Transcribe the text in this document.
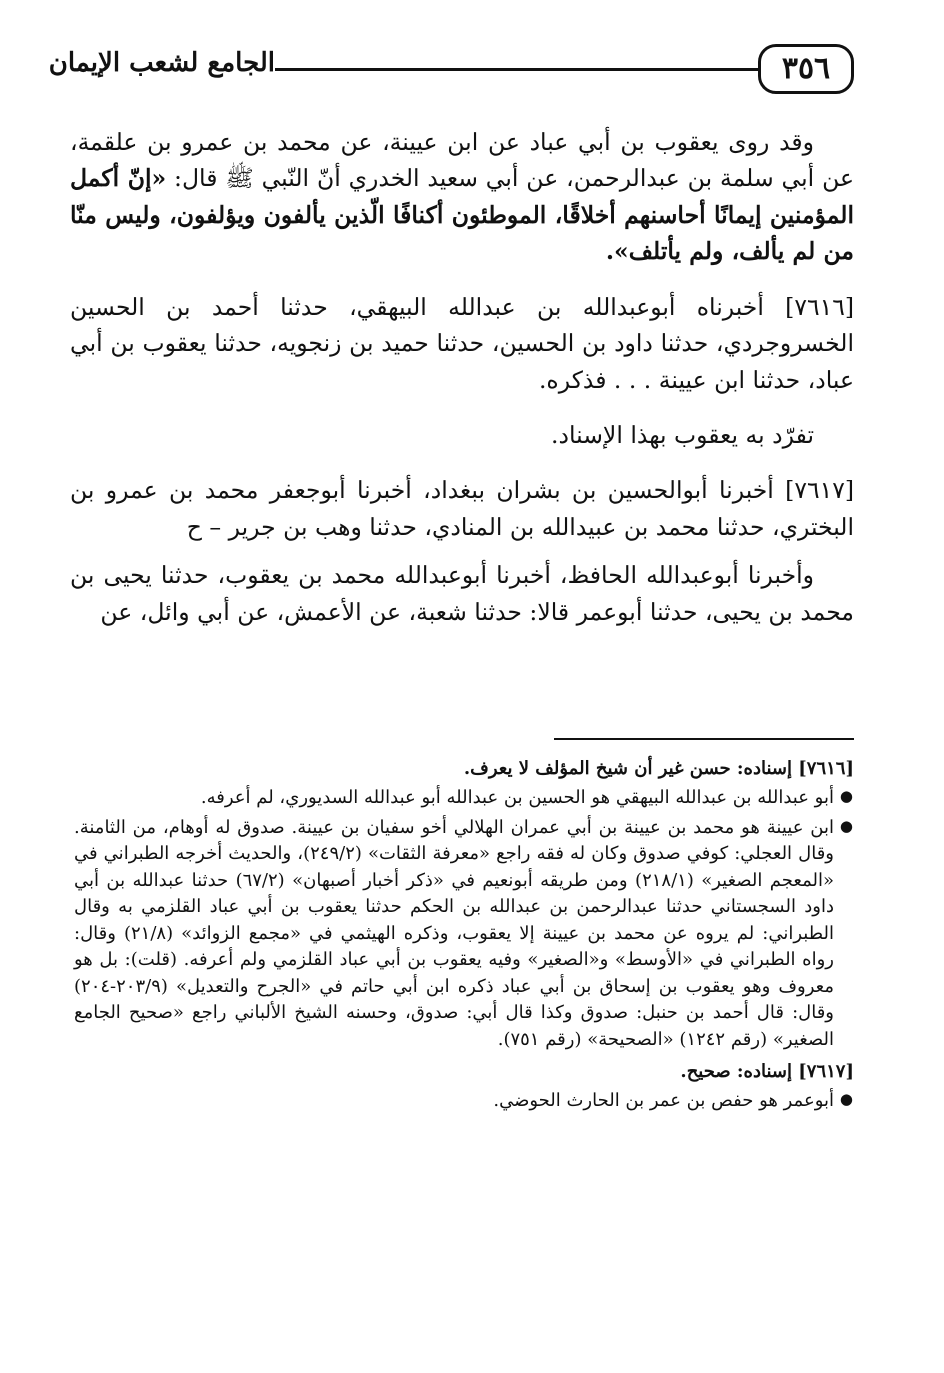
٣٥٦
الجامع لشعب الإيمان

وقد روى يعقوب بن أبي عباد عن ابن عيينة، عن محمد بن عمرو بن علقمة، عن أبي سلمة بن عبدالرحمن، عن أبي سعيد الخدري أنّ النّبي ﷺ قال: «إنّ أكمل المؤمنين إيمانًا أحاسنهم أخلاقًا، الموطئون أكنافًا الّذين يألفون ويؤلفون، وليس منّا من لم يألف، ولم يأتلف».

[٧٦١٦] أخبرناه أبوعبدالله بن عبدالله البيهقي، حدثنا أحمد بن الحسين الخسروجردي، حدثنا داود بن الحسين، حدثنا حميد بن زنجويه، حدثنا يعقوب بن أبي عباد، حدثنا ابن عيينة . . . فذكره.

تفرّد به يعقوب بهذا الإسناد.

[٧٦١٧] أخبرنا أبوالحسين بن بشران ببغداد، أخبرنا أبوجعفر محمد بن عمرو بن البختري، حدثنا محمد بن عبيدالله بن المنادي، حدثنا وهب بن جرير – ح

وأخبرنا أبوعبدالله الحافظ، أخبرنا أبوعبدالله محمد بن يعقوب، حدثنا يحيى بن محمد بن يحيى، حدثنا أبوعمر قالا: حدثنا شعبة، عن الأعمش، عن أبي وائل، عن

[٧٦١٦] إسناده: حسن غير أن شيخ المؤلف لا يعرف.

●
أبو عبدالله بن عبدالله البيهقي هو الحسين بن عبدالله أبو عبدالله السديوري، لم أعرفه.

●
ابن عيينة هو محمد بن عيينة بن أبي عمران الهلالي أخو سفيان بن عيينة. صدوق له أوهام، من الثامنة. وقال العجلي: كوفي صدوق وكان له فقه راجع «معرفة الثقات» (٢٤٩/٢)، والحديث أخرجه الطبراني في «المعجم الصغير» (٢١٨/١) ومن طريقه أبونعيم في «ذكر أخبار أصبهان» (٦٧/٢) حدثنا عبدالله بن أبي داود السجستاني حدثنا عبدالرحمن بن عبدالله بن الحكم حدثنا يعقوب بن أبي عباد القلزمي به وقال الطبراني: لم يروه عن محمد بن عيينة إلا يعقوب، وذكره الهيثمي في «مجمع الزوائد» (٢١/٨) وقال: رواه الطبراني في «الأوسط» و«الصغير» وفيه يعقوب بن أبي عباد القلزمي ولم أعرفه. (قلت): بل هو معروف وهو يعقوب بن إسحاق بن أبي عباد ذكره ابن أبي حاتم في «الجرح والتعديل» (٢٠٣/٩-٢٠٤) وقال: قال أحمد بن حنبل: صدوق وكذا قال أبي: صدوق، وحسنه الشيخ الألباني راجع «صحيح الجامع الصغير» (رقم ١٢٤٢) «الصحيحة» (رقم ٧٥١).

[٧٦١٧] إسناده: صحيح.

●
أبوعمر هو حفص بن عمر بن الحارث الحوضي.
